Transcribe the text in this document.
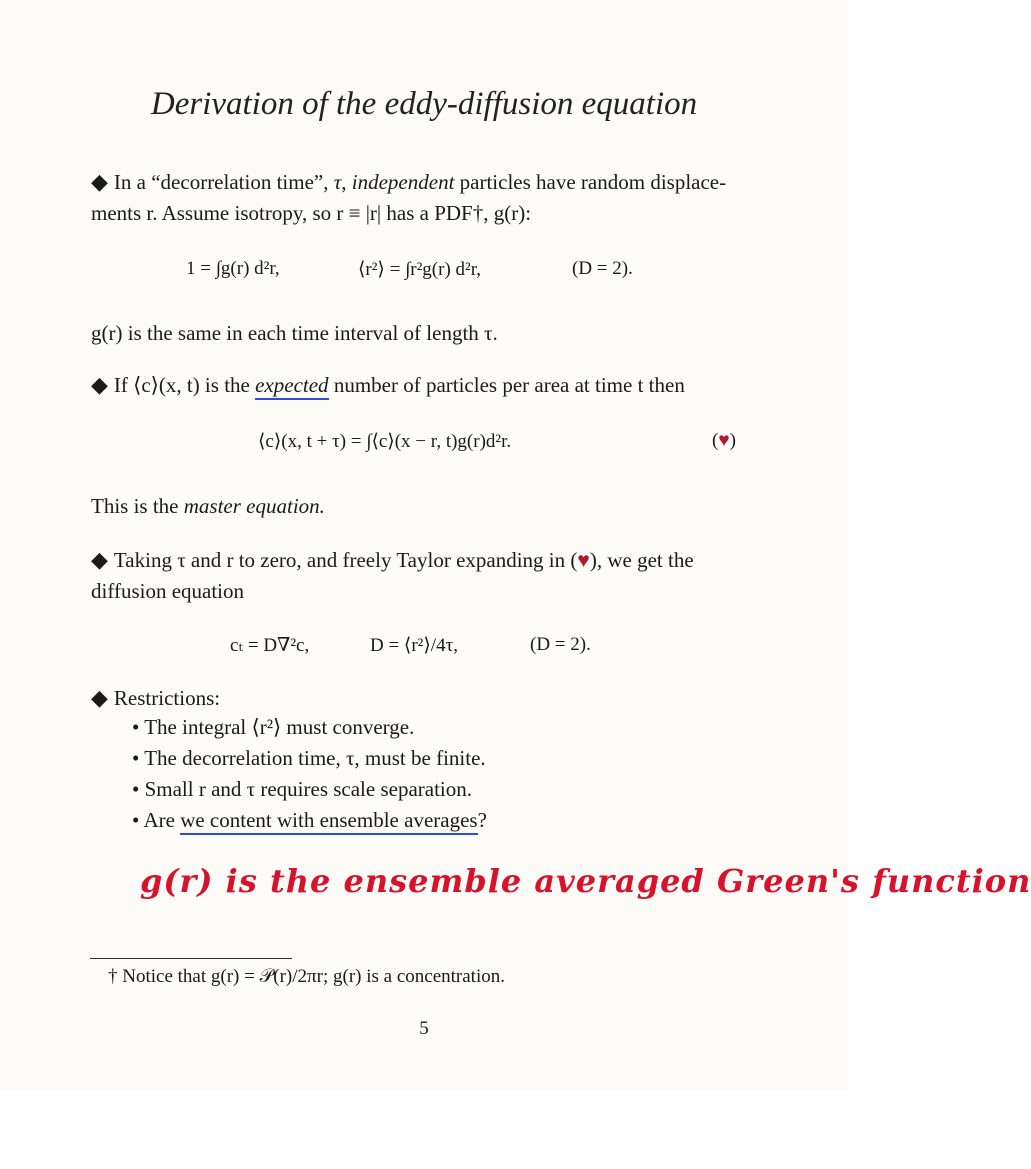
Derivation of the eddy-diffusion equation
◆ In a “decorrelation time”, τ, independent particles have random displace-
ments r. Assume isotropy, so r ≡ |r| has a PDF†, g(r):
1 = ∫g(r) d²r,	⟨r²⟩ = ∫r²g(r) d²r,	(D = 2).
g(r) is the same in each time interval of length τ.
◆ If ⟨c⟩(x, t) is the expected number of particles per area at time t then
⟨c⟩(x, t + τ) = ∫⟨c⟩(x − r, t)g(r)d²r.	(♥)
This is the master equation.
◆ Taking τ and r to zero, and freely Taylor expanding in (♥), we get the
diffusion equation
cₜ = D∇²c,	D = ⟨r²⟩/4τ,	(D = 2).
◆ Restrictions:
• The integral ⟨r²⟩ must converge.
• The decorrelation time, τ, must be finite.
• Small r and τ requires scale separation.
• Are we content with ensemble averages?
g(r) is the ensemble averaged Green's function
† Notice that g(r) = 𝒫(r)/2πr; g(r) is a concentration.
5
